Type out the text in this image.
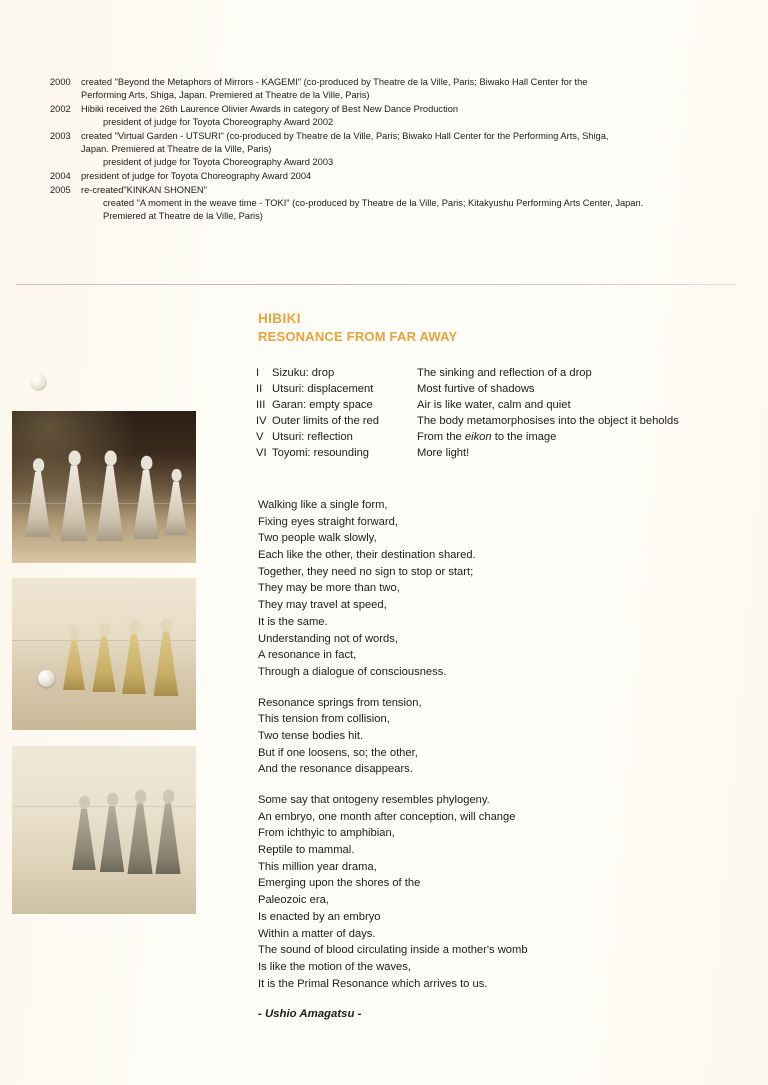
2000	created "Beyond the Metaphors of Mirrors - KAGEMI" (co-produced by Theatre de la Ville, Paris; Biwako Hall Center for the
Performing Arts, Shiga, Japan. Premiered at Theatre de la Ville, Paris)
2002	Hibiki received the 26th Laurence Olivier Awards in category of Best New Dance Production
president of judge for Toyota Choreography Award 2002
2003	created "Virtual Garden - UTSURI" (co-produced by Theatre de la Ville, Paris; Biwako Hall Center for the Performing Arts, Shiga,
Japan. Premiered at Theatre de la Ville, Paris)
president of judge for Toyota Choreography Award 2003
2004	president of judge for Toyota Choreography Award 2004
2005	re-created"KINKAN SHONEN"
created "A moment in the weave time - TOKI" (co-produced by Theatre de la Ville, Paris; Kitakyushu Performing Arts Center, Japan.
Premiered at Theatre de la Ville, Paris)
HIBIKI
RESONANCE FROM FAR AWAY
I	Sizuku: drop	The sinking and reflection of a drop
II Utsuri: displacement	Most furtive of shadows
III Garan: empty space	Air is like water, calm and quiet
IV Outer limits of the red	The body metamorphosises into the object it beholds
V Utsuri: reflection	From the eikon to the image
VI Toyomi: resounding	More light!
Walking like a single form,
Fixing eyes straight forward,
Two people walk slowly,
Each like the other, their destination shared.
Together, they need no sign to stop or start;
They may be more than two,
They may travel at speed,
It is the same.
Understanding not of words,
A resonance in fact,
Through a dialogue of consciousness.
Resonance springs from tension,
This tension from collision,
Two tense bodies hit.
But if one loosens, so; the other,
And the resonance disappears.
Some say that ontogeny resembles phylogeny.
An embryo, one month after conception, will change
From ichthyic to amphibian,
Reptile to mammal.
This million year drama,
Emerging upon the shores of the
Paleozoic era,
Is enacted by an embryo
Within a matter of days.
The sound of blood circulating inside a mother's womb
Is like the motion of the waves,
It is the Primal Resonance which arrives to us.
- Ushio Amagatsu -
